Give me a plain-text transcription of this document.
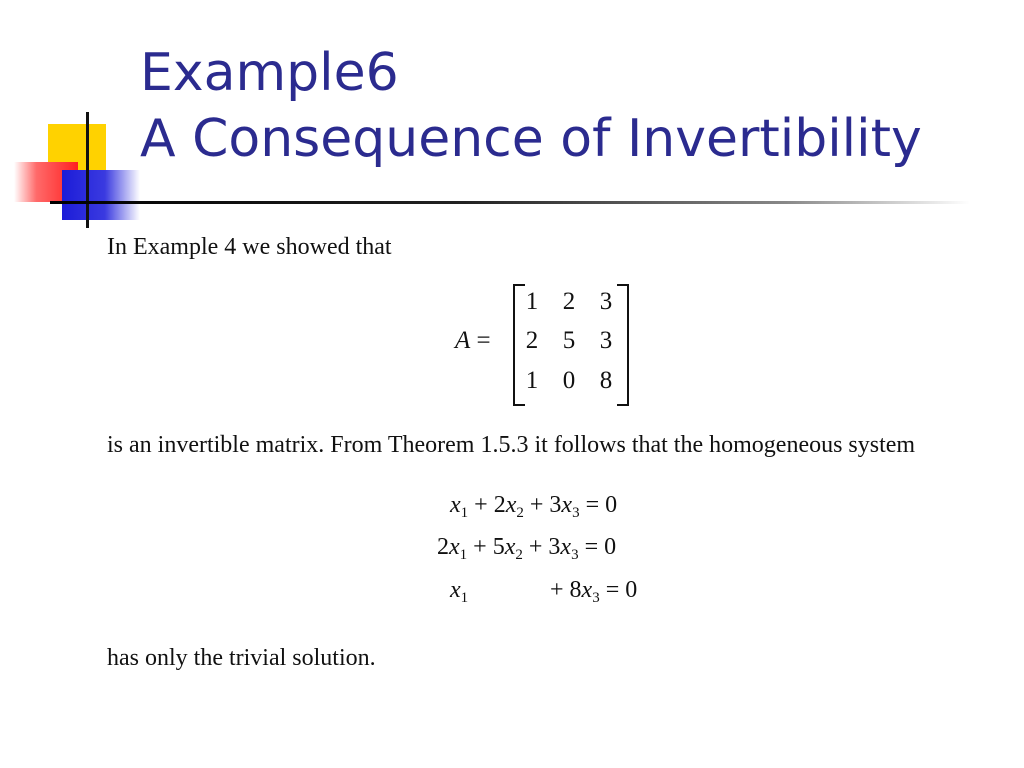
Example6
A Consequence of Invertibility

In Example 4 we showed that

A =
1 2 3
2 5 3
1 0 8

is an invertible matrix. From Theorem 1.5.3 it follows that the homogeneous system

$x_1 + 2x_2 + 3x_3 = 0$
$2x_1 + 5x_2 + 3x_3 = 0$
$x_1$	+ $8x_3 = 0$

has only the trivial solution.
